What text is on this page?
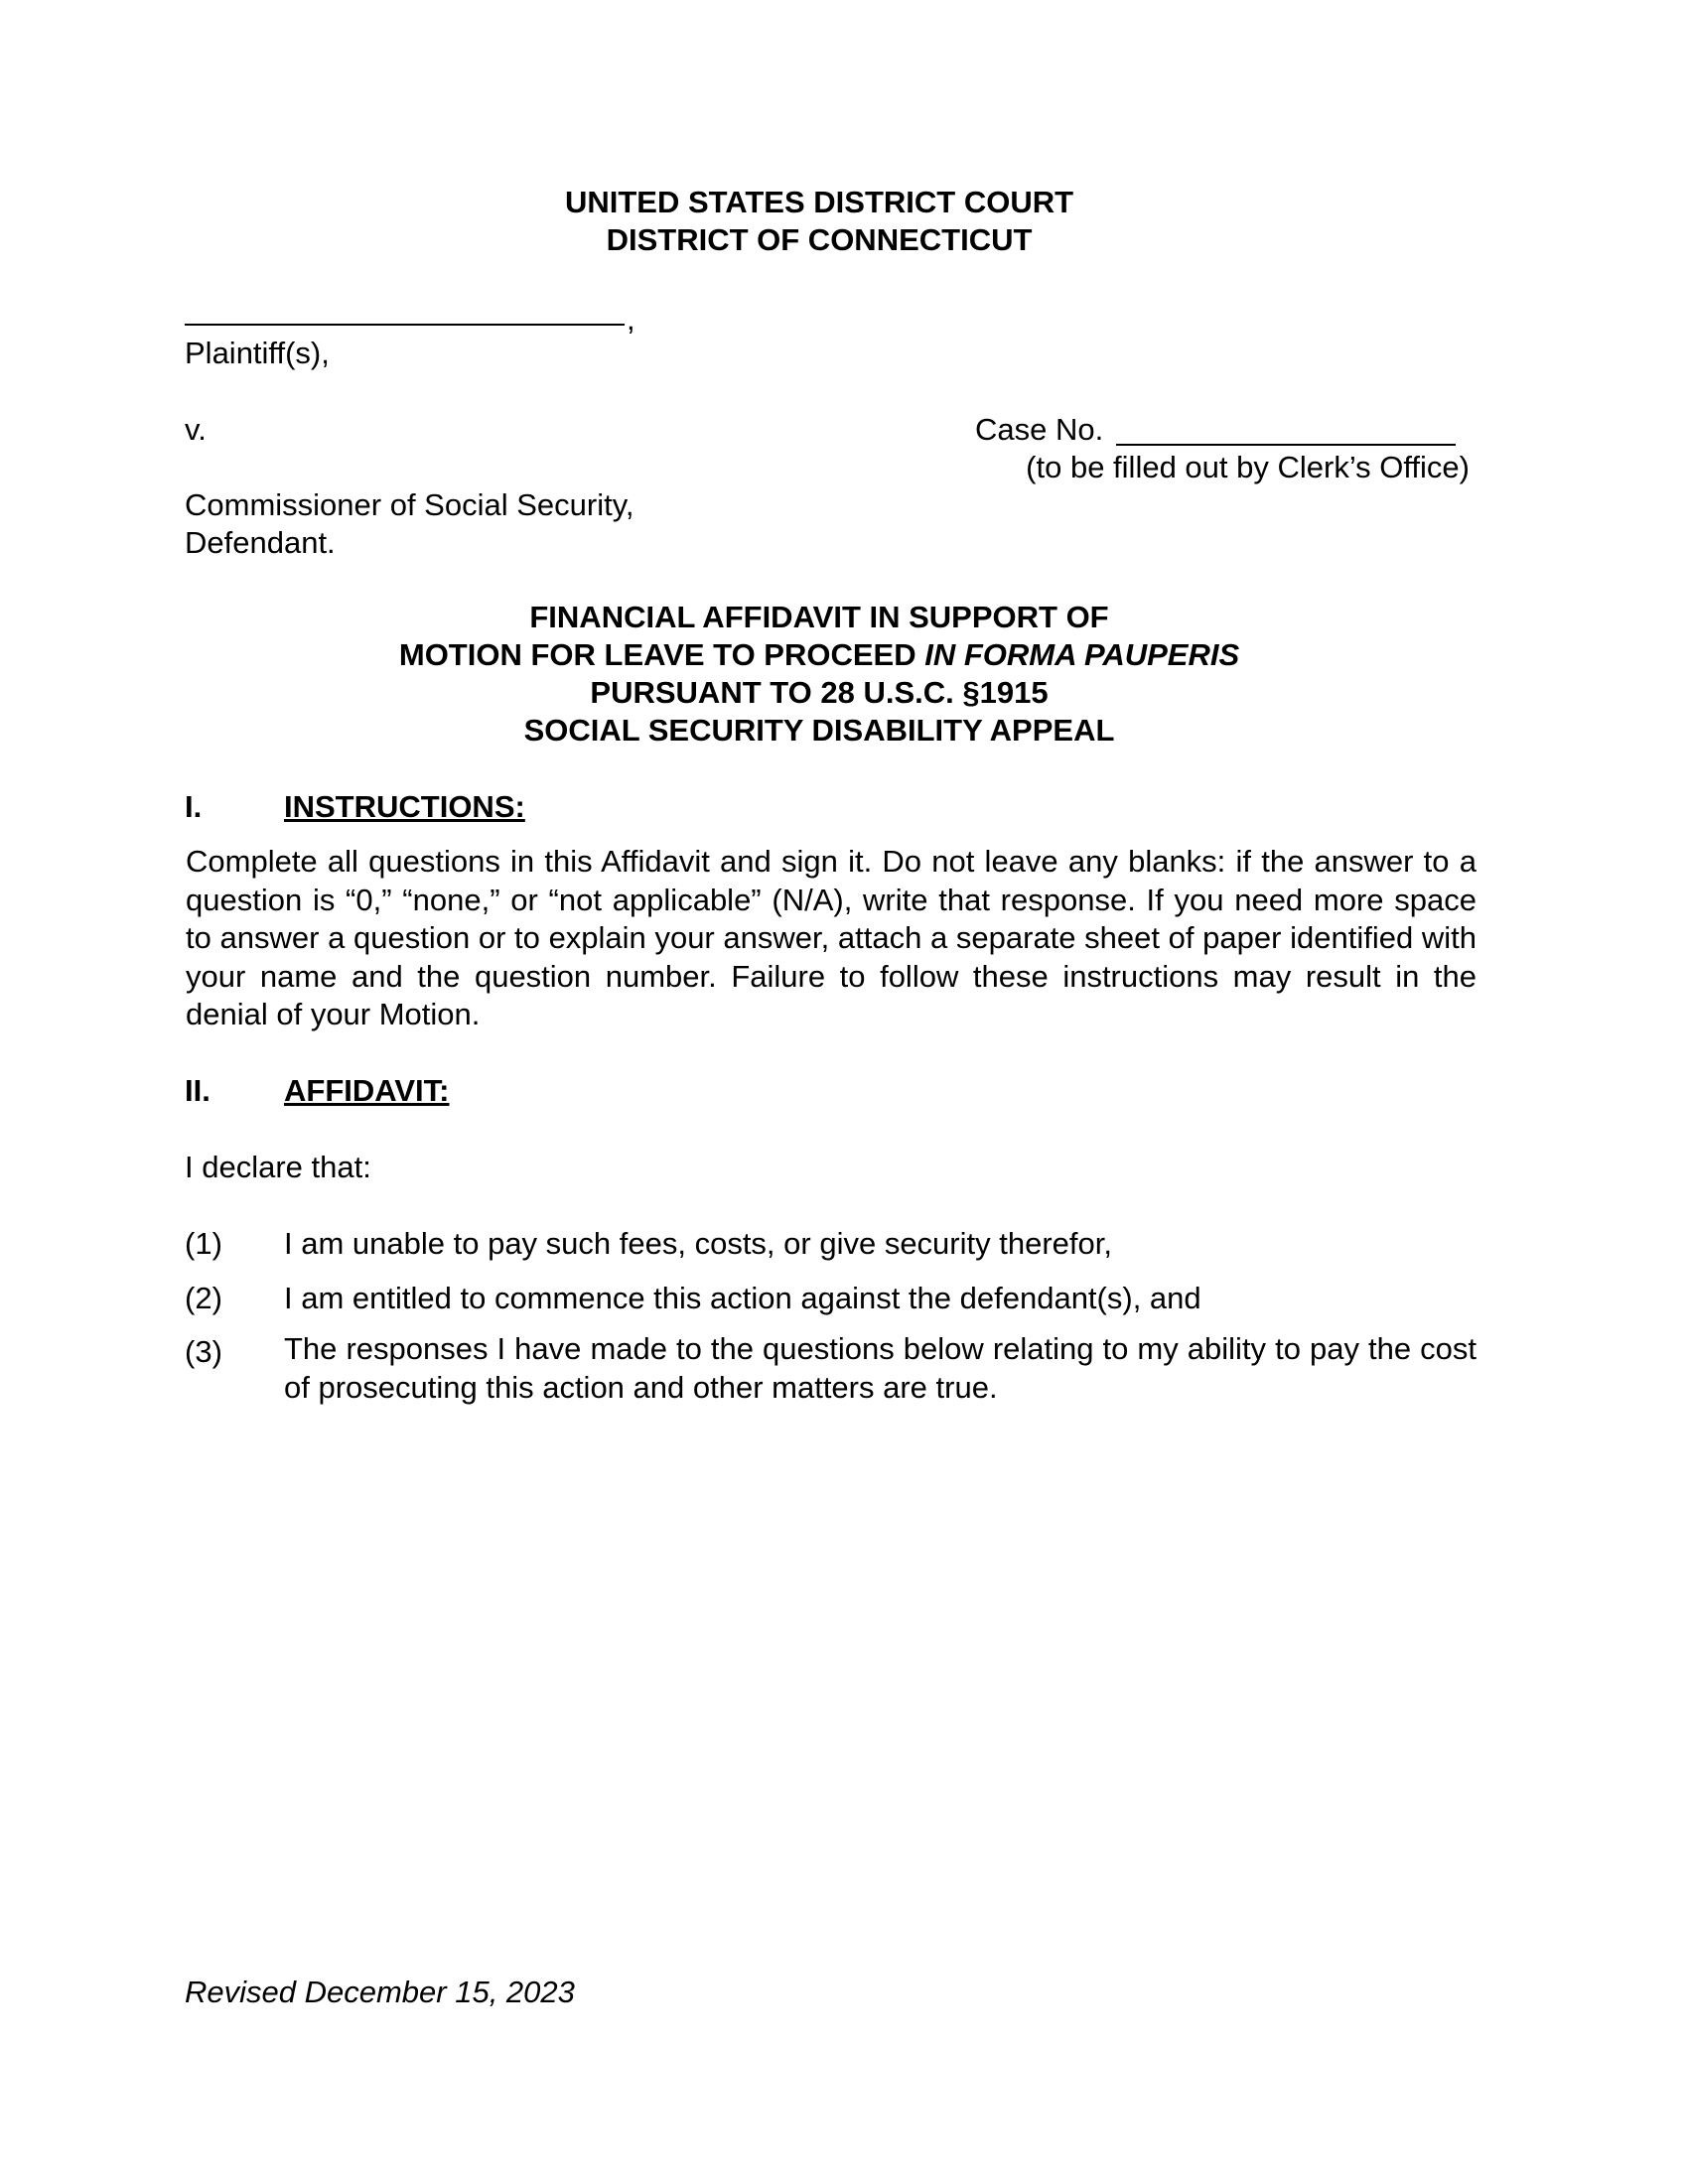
UNITED STATES DISTRICT COURT
DISTRICT OF CONNECTICUT
,
Plaintiff(s),
v.	Case No.
(to be filled out by Clerk’s Office)
Commissioner of Social Security,
Defendant.
FINANCIAL AFFIDAVIT IN SUPPORT OF
MOTION FOR LEAVE TO PROCEED IN FORMA PAUPERIS
PURSUANT TO 28 U.S.C. §1915
SOCIAL SECURITY DISABILITY APPEAL
I.	INSTRUCTIONS:
Complete all questions in this Affidavit and sign it. Do not leave any blanks: if the answer to a question is “0,” “none,” or “not applicable” (N/A), write that response. If you need more space to answer a question or to explain your answer, attach a separate sheet of paper identified with your name and the question number. Failure to follow these instructions may result in the denial of your Motion.
II. AFFIDAVIT:
I declare that:
(1) I am unable to pay such fees, costs, or give security therefor,
(2) I am entitled to commence this action against the defendant(s), and
(3) The responses I have made to the questions below relating to my ability to pay the cost of prosecuting this action and other matters are true.
Revised December 15, 2023
